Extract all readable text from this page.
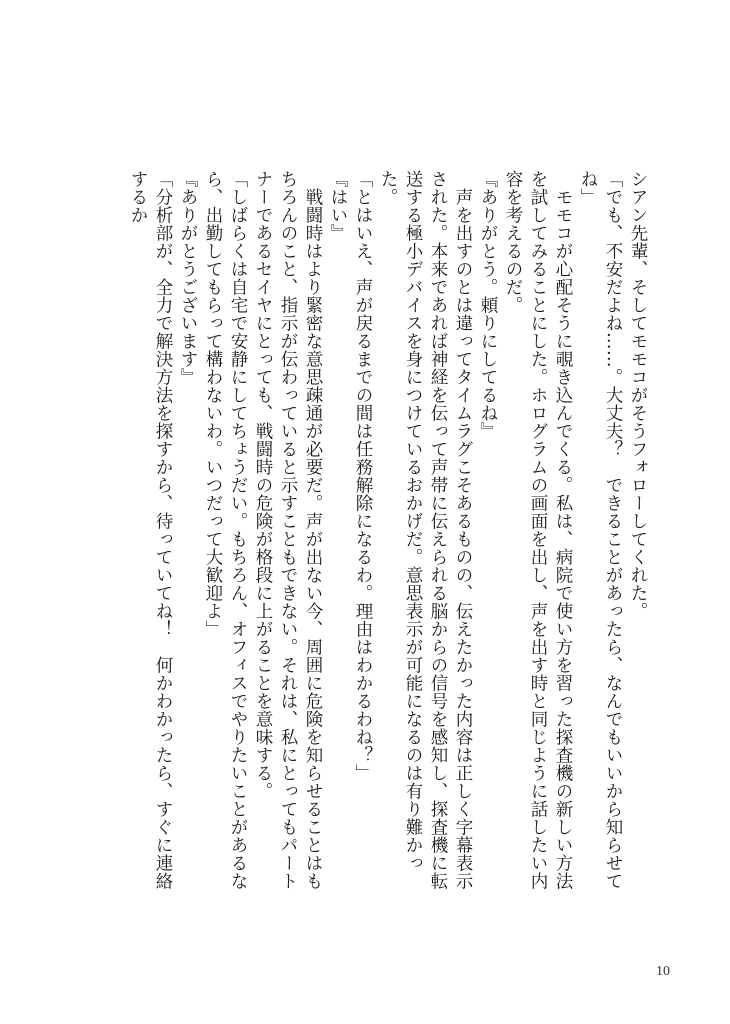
シアン先輩、そしてモモコがそうフォローしてくれた。
「でも、不安だよね……。大丈夫？　できることがあったら、なんでもいいから知らせてね」
　モモコが心配そうに覗き込んでくる。私は、病院で使い方を習った探査機の新しい方法を試してみることにした。ホログラムの画面を出し、声を出す時と同じように話したい内容を考えるのだ。
『ありがとう。頼りにしてるね』
　声を出すのとは違ってタイムラグこそあるものの、伝えたかった内容は正しく字幕表示された。本来であれば神経を伝って声帯に伝えられる脳からの信号を感知し、探査機に転送する極小デバイスを身につけているおかげだ。意思表示が可能になるのは有り難かった。
「とはいえ、声が戻るまでの間は任務解除になるわ。理由はわかるわね？」
『はい』
　戦闘時はより緊密な意思疎通が必要だ。声が出ない今、周囲に危険を知らせることはもちろんのこと、指示が伝わっていると示すこともできない。それは、私にとってもパートナーであるセイヤにとっても、戦闘時の危険が格段に上がることを意味する。
「しばらくは自宅で安静にしてちょうだい。もちろん、オフィスでやりたいことがあるなら、出勤してもらって構わないわ。いつだって大歓迎よ」
『ありがとうございます』
「分析部が、全力で解決方法を探すから、待っていてね！　何かわかったら、すぐに連絡するか
10
